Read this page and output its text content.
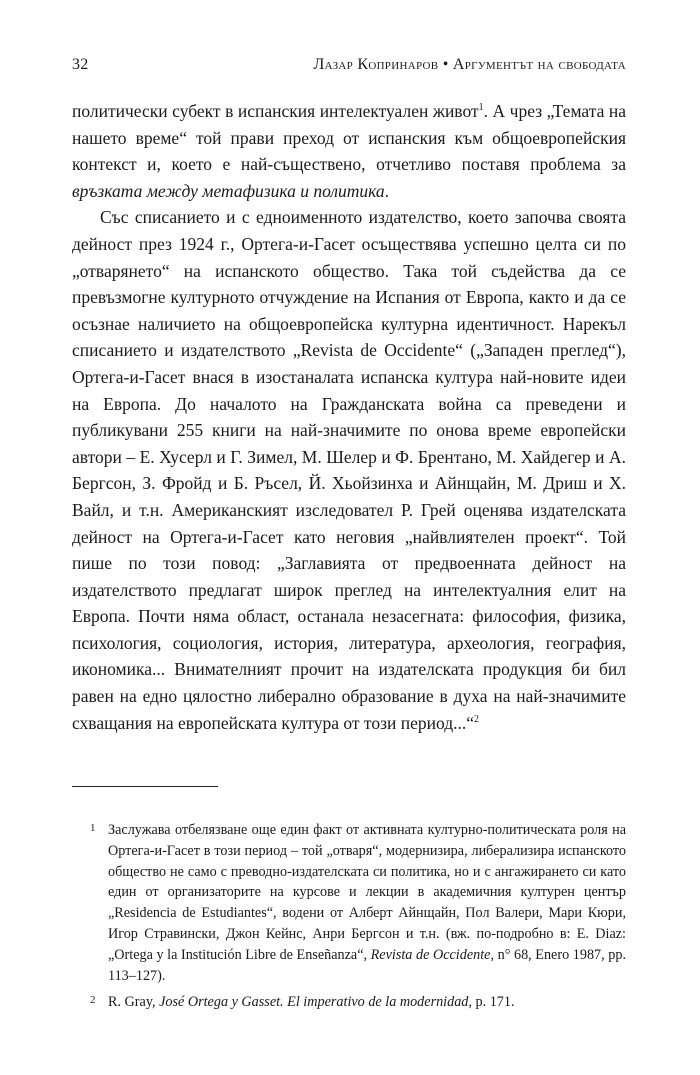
32	Лазар Копринаров • Аргументът на свободата

политически субект в испанския интелектуален живот$^1$. А чрез „Темата на нашето време“ той прави преход от испанския към общоевропейския контекст и, което е най-съществено, отчетливо поставя проблема за връзката между метафизика и политика.

Със списанието и с едноименното издателство, което започва своята дейност през 1924 г., Ортега-и-Гасет осъществява успешно целта си по „отварянето“ на испанското общество. Така той съдейства да се превъзмогне културното отчуждение на Испания от Европа, както и да се осъзнае наличието на общоевропейска културна идентичност. Нарекъл списанието и издателството „Revista de Occidente“ („Западен преглед“), Ортега-и-Гасет внася в изостаналата испанска култура най-новите идеи на Европа. До началото на Гражданската война са преведени и публикувани 255 книги на най-значимите по онова време европейски автори – Е. Хусерл и Г. Зимел, М. Шелер и Ф. Брентано, М. Хайдегер и А. Бергсон, З. Фройд и Б. Ръсел, Й. Хьойзинха и Айнщайн, М. Дриш и Х. Вайл, и т.н. Американският изследовател Р. Грей оценява издателската дейност на Ортега-и-Гасет като неговия „найвлиятелен проект“. Той пише по този повод: „Заглавията от предвоенната дейност на издателството предлагат широк преглед на интелектуалния елит на Европа. Почти няма област, останала незасегната: философия, физика, психология, социология, история, литература, археология, география, икономика... Внимателният прочит на издателската продукция би бил равен на едно цялостно либерално образование в духа на най-значимите схващания на европейската култура от този период...“$^2$

1 Заслужава отбелязване още един факт от активната културно-политическата роля на Ортега-и-Гасет в този период – той „отваря“, модернизира, либерализира испанското общество не само с преводно-издателската си политика, но и с ангажирането си като един от организаторите на курсове и лекции в академичния културен център „Residencia de Estudiantes“, водени от Алберт Айнщайн, Пол Валери, Мари Кюри, Игор Стравински, Джон Кейнс, Анри Бергсон и т.н. (вж. по-подробно в: E. Diaz: „Ortega y la Institución Libre de Enseñanza“, Revista de Occidente, n° 68, Enero 1987, pp. 113–127).
2 R. Gray, José Ortega y Gasset. El imperativo de la modernidad, p. 171.
